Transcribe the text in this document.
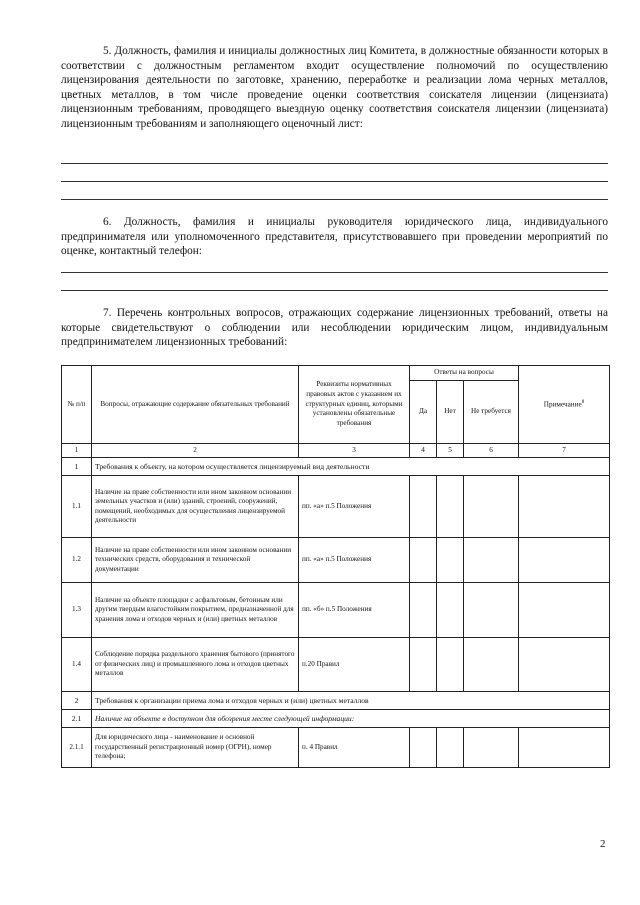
5. Должность, фамилия и инициалы должностных лиц Комитета, в должностные обязанности которых в соответствии с должностным регламентом входит осуществление полномочий по осуществлению лицензирования деятельности по заготовке, хранению, переработке и реализации лома черных металлов, цветных металлов, в том числе проведение оценки соответствия соискателя лицензии (лицензиата) лицензионным требованиям, проводящего выездную оценку соответствия соискателя лицензии (лицензиата) лицензионным требованиям и заполняющего оценочный лист:

6. Должность, фамилия и инициалы руководителя юридического лица, индивидуального предпринимателя или уполномоченного представителя, присутствовавшего при проведении мероприятий по оценке, контактный телефон:

7. Перечень контрольных вопросов, отражающих содержание лицензионных требований, ответы на которые свидетельствуют о соблюдении или несоблюдении юридическим лицом, индивидуальным предпринимателем лицензионных требований:

№ п/п	Вопросы, отражающие содержание обязательных требований	Реквизиты нормативных правовых актов с указанием их структурных единиц, которыми установлены обязательные требования	Ответы на вопросы			Примечание$^8$
			Да	Нет	Не требуется	
1	2	3	4	5	6	7
1	Требования к объекту, на котором осуществляется лицензируемый вид деятельности					
1.1	Наличие на праве собственности или ином законном основании земельных участков и (или) зданий, строений, сооружений, помещений, необходимых для осуществления лицензируемой деятельности	пп. «а» п.5 Положения				
1.2	Наличие на праве собственности или ином законном основании технических средств, оборудования и технической документации	пп. «а» п.5 Положения				
1.3	Наличие на объекте площадки с асфальтовым, бетонным или другим твердым влагостойким покрытием, предназначенной для хранения лома и отходов черных и (или) цветных металлов	пп. «б» п.5 Положения				
1.4	Соблюдение порядка раздельного хранения бытового (принятого от физических лиц) и промышленного лома и отходов цветных металлов	п.20 Правил				
2	Требования к организации приема лома и отходов черных и (или) цветных металлов					
2.1	Наличие на объекте в доступном для обозрения месте следующей информации:					
2.1.1	Для юридического лица - наименование и основной государственный регистрационный номер (ОГРН), номер телефона;	п. 4 Правил				
2
